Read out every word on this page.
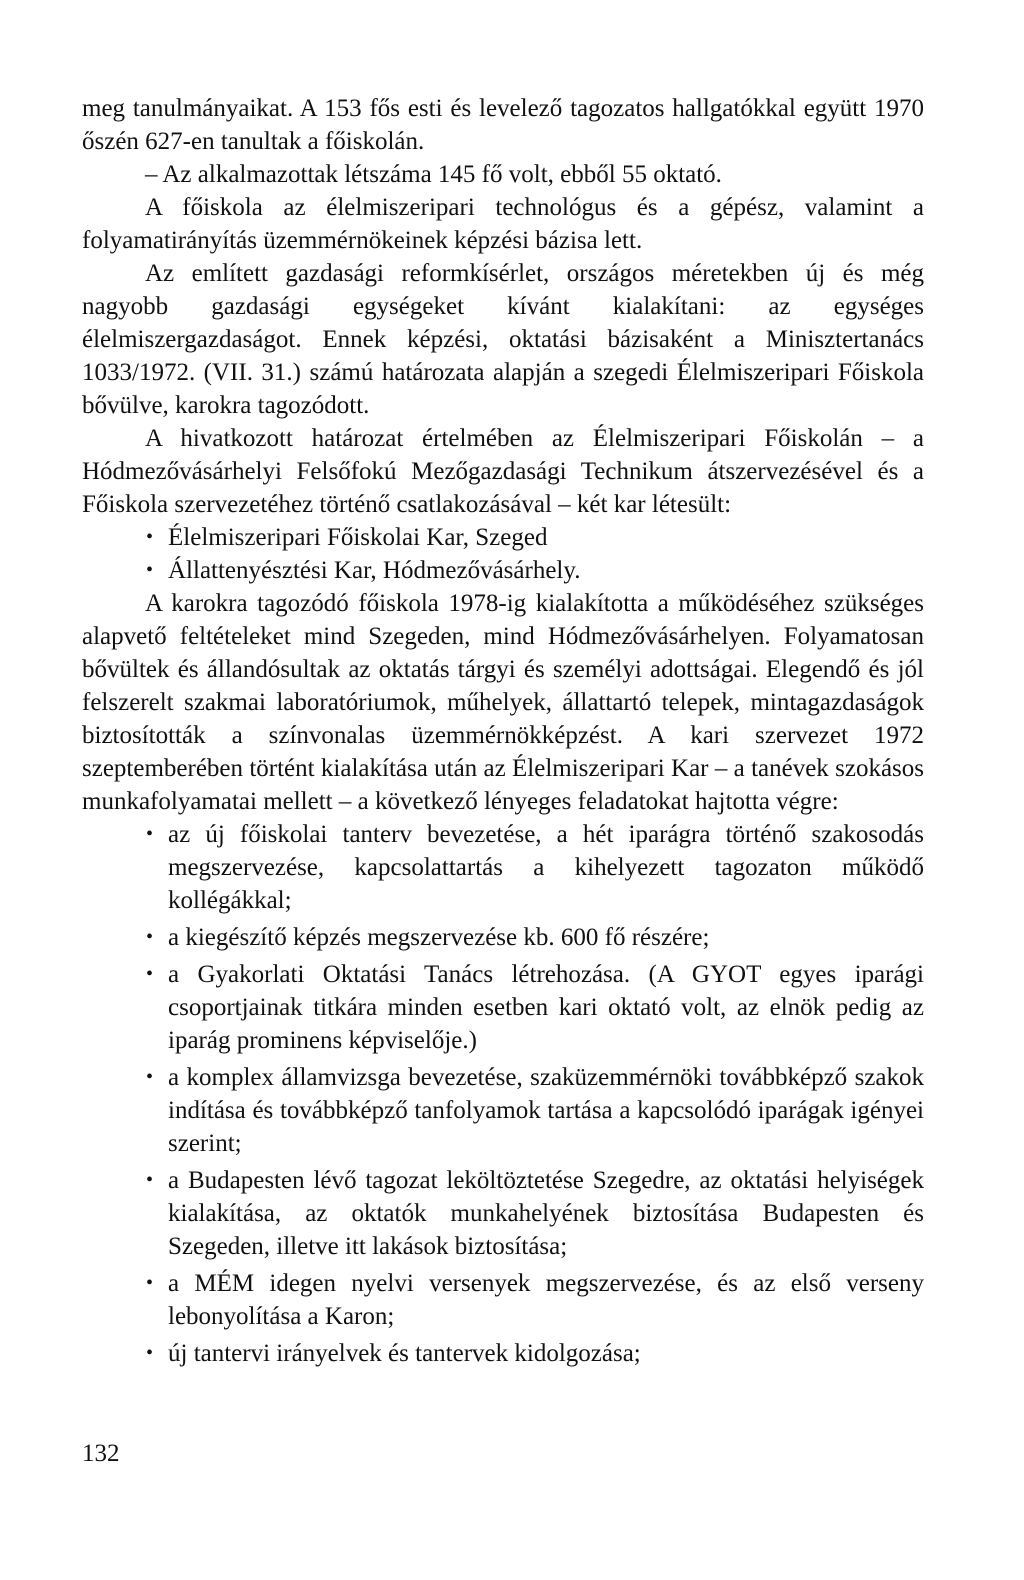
meg tanulmányaikat. A 153 fős esti és levelező tagozatos hallgatókkal együtt 1970 őszén 627-en tanultak a főiskolán.

– Az alkalmazottak létszáma 145 fő volt, ebből 55 oktató.

A főiskola az élelmiszeripari technológus és a gépész, valamint a folyamatirányítás üzemmérnökeinek képzési bázisa lett.

Az említett gazdasági reformkísérlet, országos méretekben új és még nagyobb gazdasági egységeket kívánt kialakítani: az egységes élelmiszergazdaságot. Ennek képzési, oktatási bázisaként a Minisztertanács 1033/1972. (VII. 31.) számú határozata alapján a szegedi Élelmiszeripari Főiskola bővülve, karokra tagozódott.

A hivatkozott határozat értelmében az Élelmiszeripari Főiskolán – a Hódmezővásárhelyi Felsőfokú Mezőgazdasági Technikum átszervezésével és a Főiskola szervezetéhez történő csatlakozásával – két kar létesült:

• Élelmiszeripari Főiskolai Kar, Szeged
• Állattenyésztési Kar, Hódmezővásárhely.

A karokra tagozódó főiskola 1978-ig kialakította a működéséhez szükséges alapvető feltételeket mind Szegeden, mind Hódmezővásárhelyen. Folyamatosan bővültek és állandósultak az oktatás tárgyi és személyi adottságai. Elegendő és jól felszerelt szakmai laboratóriumok, műhelyek, állattartó telepek, mintagazdaságok biztosították a színvonalas üzemmérnökképzést. A kari szervezet 1972 szeptemberében történt kialakítása után az Élelmiszeripari Kar – a tanévek szokásos munkafolyamatai mellett – a következő lényeges feladatokat hajtotta végre:

• az új főiskolai tanterv bevezetése, a hét iparágra történő szakosodás megszervezése, kapcsolattartás a kihelyezett tagozaton működő kollégákkal;
• a kiegészítő képzés megszervezése kb. 600 fő részére;
• a Gyakorlati Oktatási Tanács létrehozása. (A GYOT egyes iparági csoportjainak titkára minden esetben kari oktató volt, az elnök pedig az iparág prominens képviselője.)
• a komplex államvizsga bevezetése, szaküzemmérnöki továbbképző szakok indítása és továbbképző tanfolyamok tartása a kapcsolódó iparágak igényei szerint;
• a Budapesten lévő tagozat leköltöztetése Szegedre, az oktatási helyiségek kialakítása, az oktatók munkahelyének biztosítása Budapesten és Szegeden, illetve itt lakások biztosítása;
• a MÉM idegen nyelvi versenyek megszervezése, és az első verseny lebonyolítása a Karon;
• új tantervi irányelvek és tantervek kidolgozása;
132
